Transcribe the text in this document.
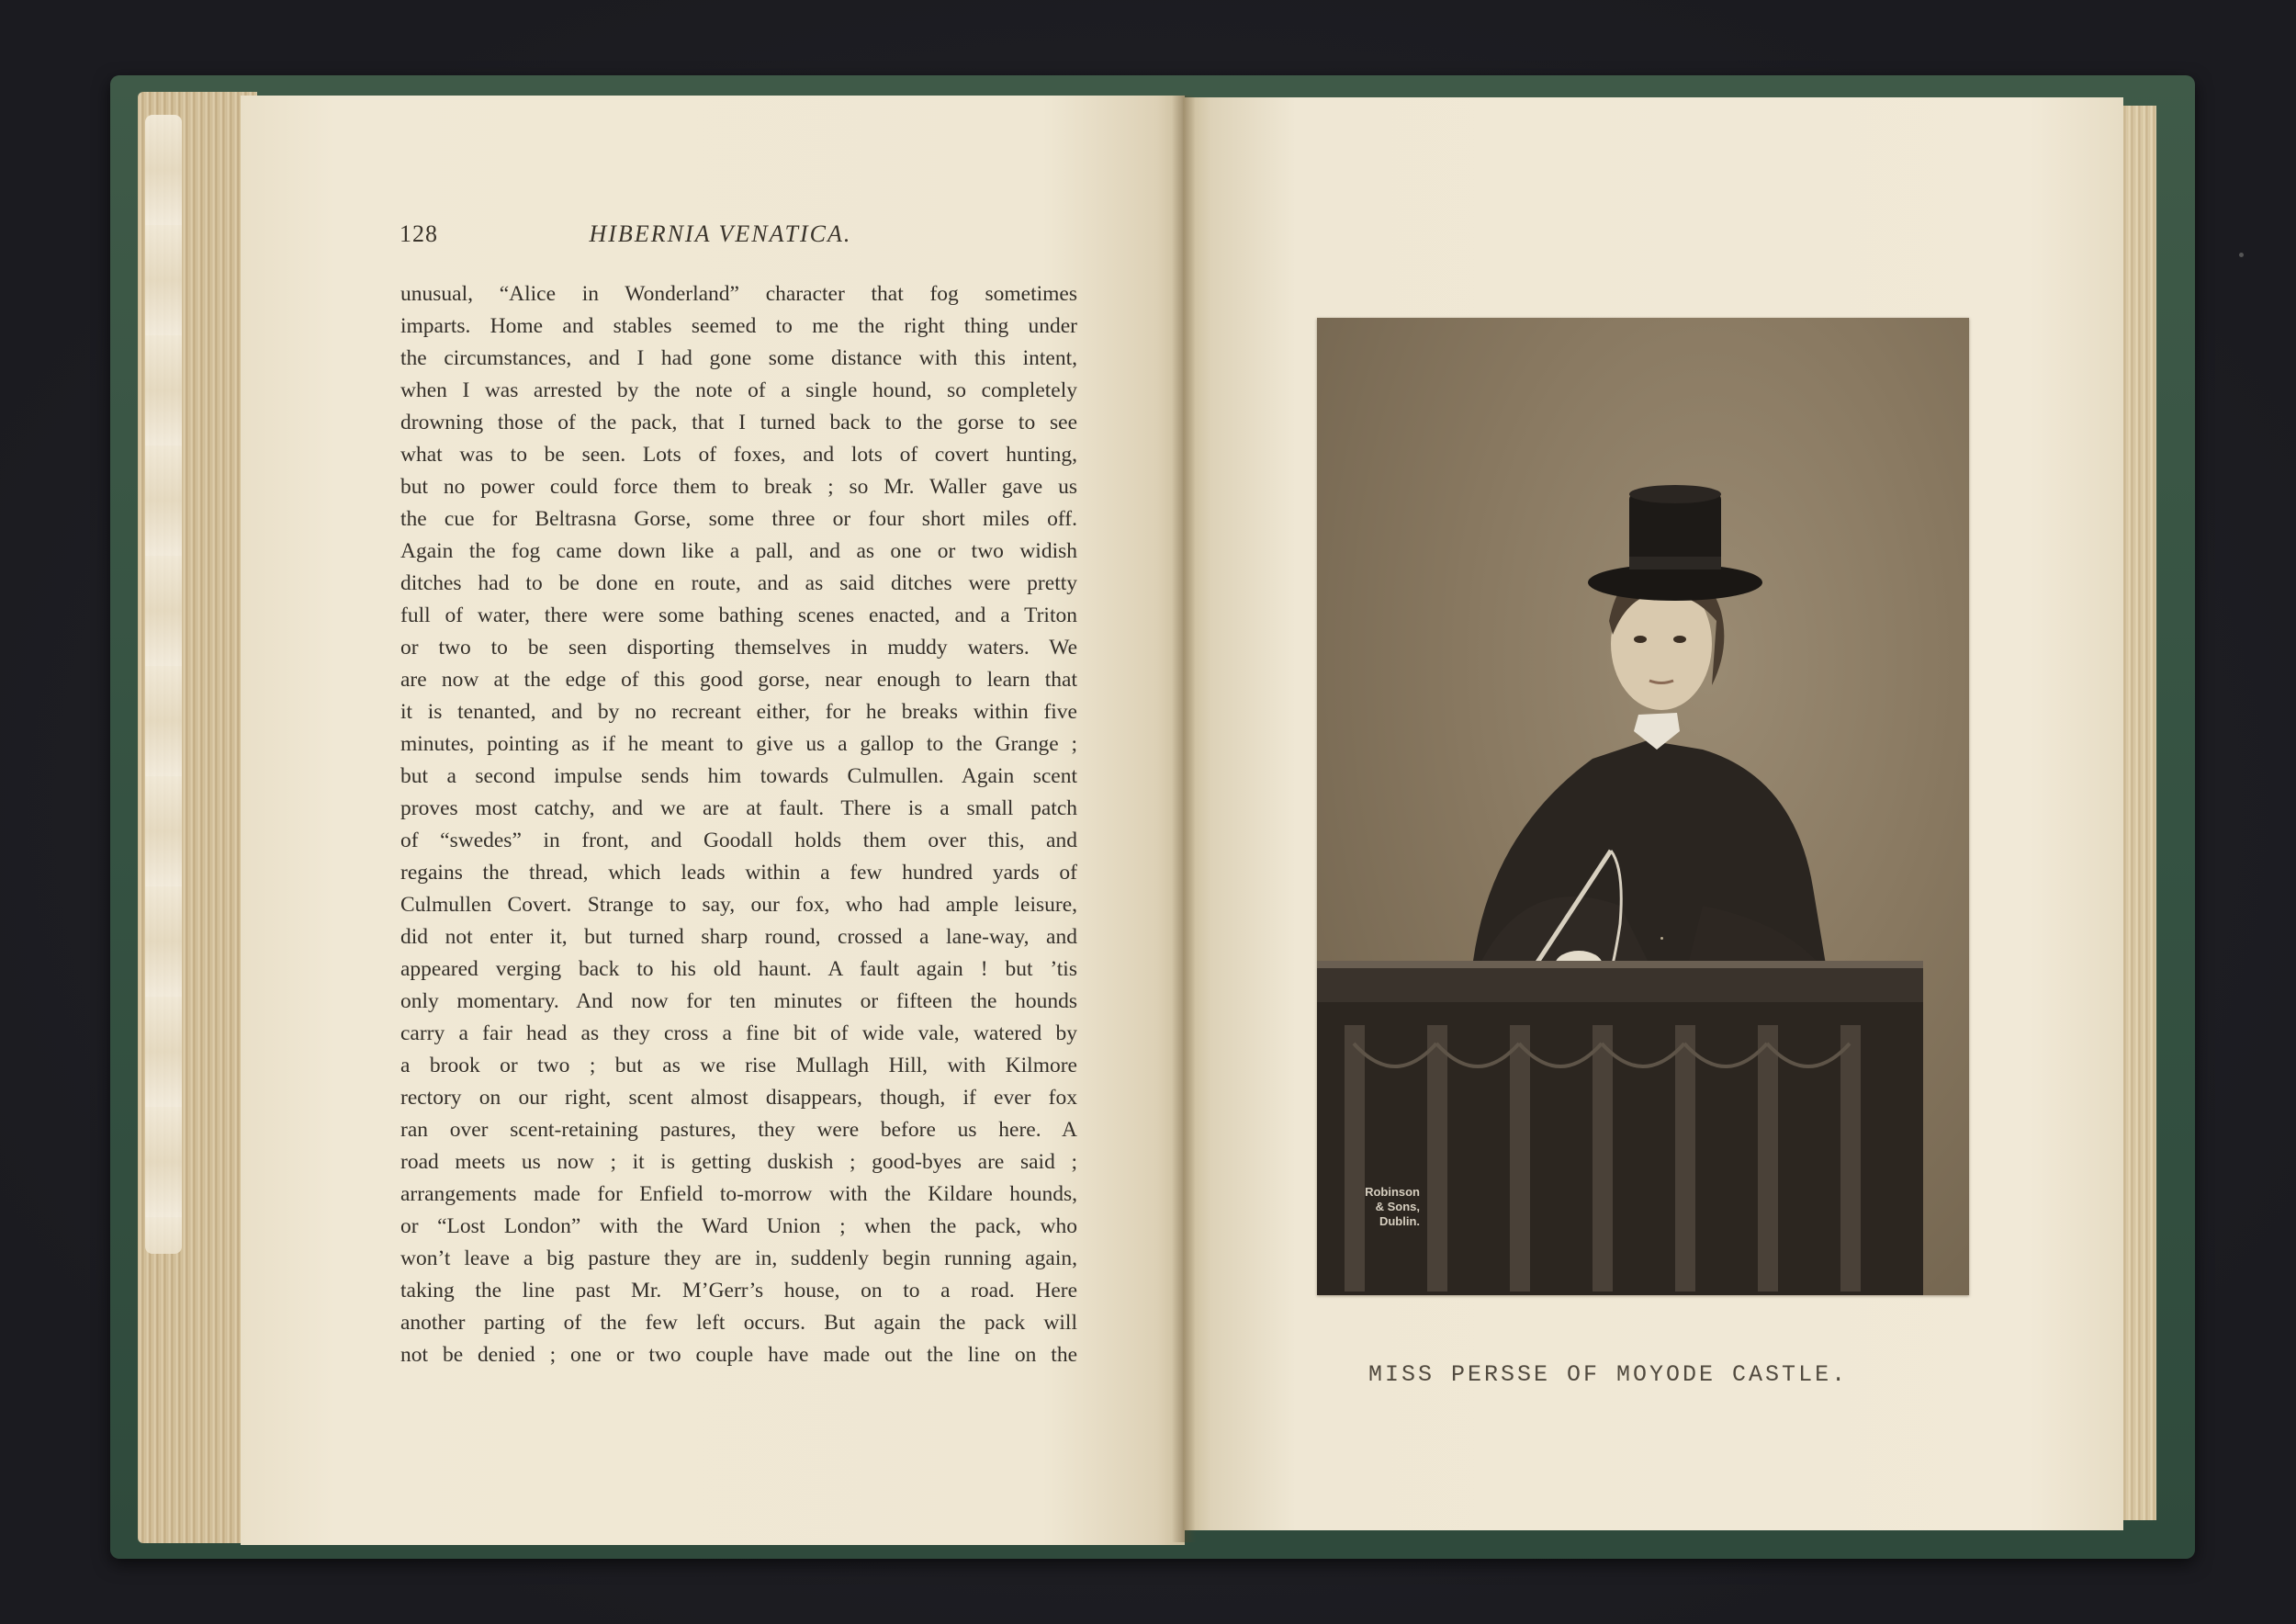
128	HIBERNIA VENATICA.
unusual, “Alice in Wonderland” character that fog sometimes
imparts. Home and stables seemed to me the right thing under
the circumstances, and I had gone some distance with this intent,
when I was arrested by the note of a single hound, so completely
drowning those of the pack, that I turned back to the gorse to see
what was to be seen. Lots of foxes, and lots of covert hunting,
but no power could force them to break ; so Mr. Waller gave us
the cue for Beltrasna Gorse, some three or four short miles off.
Again the fog came down like a pall, and as one or two widish
ditches had to be done en route, and as said ditches were pretty
full of water, there were some bathing scenes enacted, and a Triton
or two to be seen disporting themselves in muddy waters. We
are now at the edge of this good gorse, near enough to learn that
it is tenanted, and by no recreant either, for he breaks within five
minutes, pointing as if he meant to give us a gallop to the Grange ;
but a second impulse sends him towards Culmullen. Again scent
proves most catchy, and we are at fault. There is a small patch
of “swedes” in front, and Goodall holds them over this, and
regains the thread, which leads within a few hundred yards of
Culmullen Covert. Strange to say, our fox, who had ample leisure,
did not enter it, but turned sharp round, crossed a lane-way, and
appeared verging back to his old haunt. A fault again ! but ’tis
only momentary. And now for ten minutes or fifteen the hounds
carry a fair head as they cross a fine bit of wide vale, watered by
a brook or two ; but as we rise Mullagh Hill, with Kilmore
rectory on our right, scent almost disappears, though, if ever fox
ran over scent-retaining pastures, they were before us here. A
road meets us now ; it is getting duskish ; good-byes are said ;
arrangements made for Enfield to-morrow with the Kildare hounds,
or “Lost London” with the Ward Union ; when the pack, who
won’t leave a big pasture they are in, suddenly begin running again,
taking the line past Mr. M’Gerr’s house, on to a road. Here
another parting of the few left occurs. But again the pack will
not be denied ; one or two couple have made out the line on the
Robinson & Sons,
Dublin.
MISS PERSSE OF MOYODE CASTLE.
